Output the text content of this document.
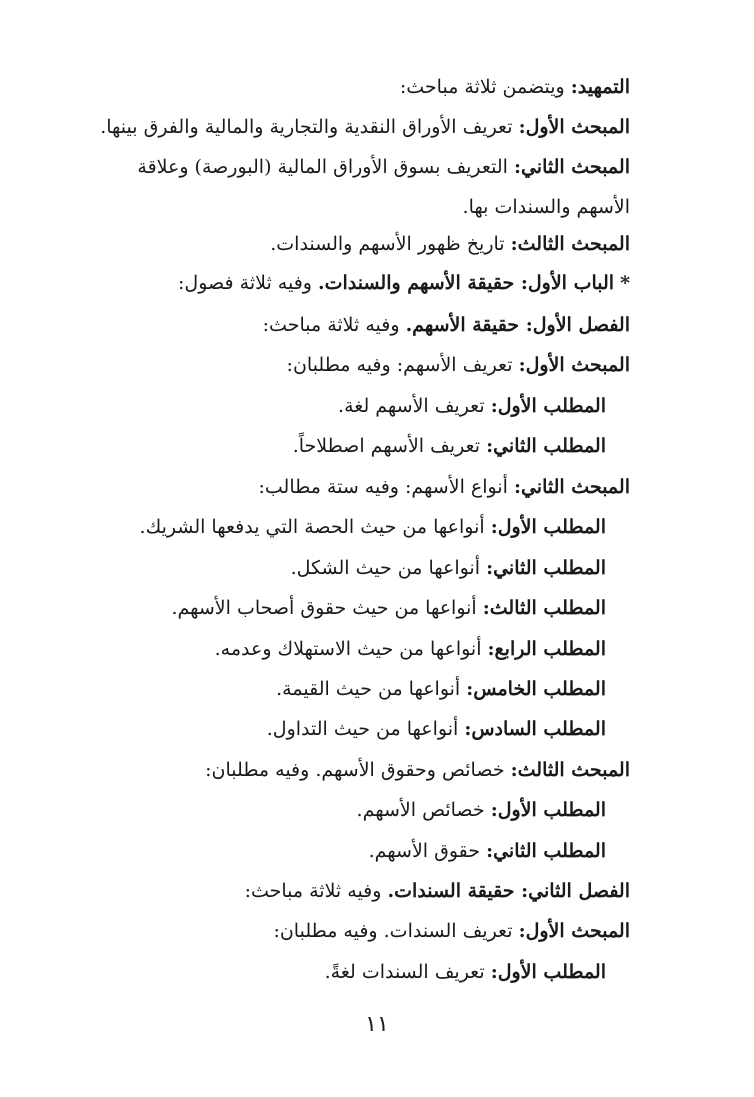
التمهيد: ويتضمن ثلاثة مباحث:
المبحث الأول: تعريف الأوراق النقدية والتجارية والمالية والفرق بينها.
المبحث الثاني: التعريف بسوق الأوراق المالية (البورصة) وعلاقة الأسهم والسندات بها.
المبحث الثالث: تاريخ ظهور الأسهم والسندات.
*الباب الأول: حقيقة الأسهم والسندات. وفيه ثلاثة فصول:
الفصل الأول: حقيقة الأسهم. وفيه ثلاثة مباحث:
المبحث الأول: تعريف الأسهم: وفيه مطلبان:
المطلب الأول: تعريف الأسهم لغة.
المطلب الثاني: تعريف الأسهم اصطلاحاً.
المبحث الثاني: أنواع الأسهم: وفيه ستة مطالب:
المطلب الأول: أنواعها من حيث الحصة التي يدفعها الشريك.
المطلب الثاني: أنواعها من حيث الشكل.
المطلب الثالث: أنواعها من حيث حقوق أصحاب الأسهم.
المطلب الرابع: أنواعها من حيث الاستهلاك وعدمه.
المطلب الخامس: أنواعها من حيث القيمة.
المطلب السادس: أنواعها من حيث التداول.
المبحث الثالث: خصائص وحقوق الأسهم. وفيه مطلبان:
المطلب الأول: خصائص الأسهم.
المطلب الثاني: حقوق الأسهم.
الفصل الثاني: حقيقة السندات. وفيه ثلاثة مباحث:
المبحث الأول: تعريف السندات. وفيه مطلبان:
المطلب الأول: تعريف السندات لغةً.
١١
